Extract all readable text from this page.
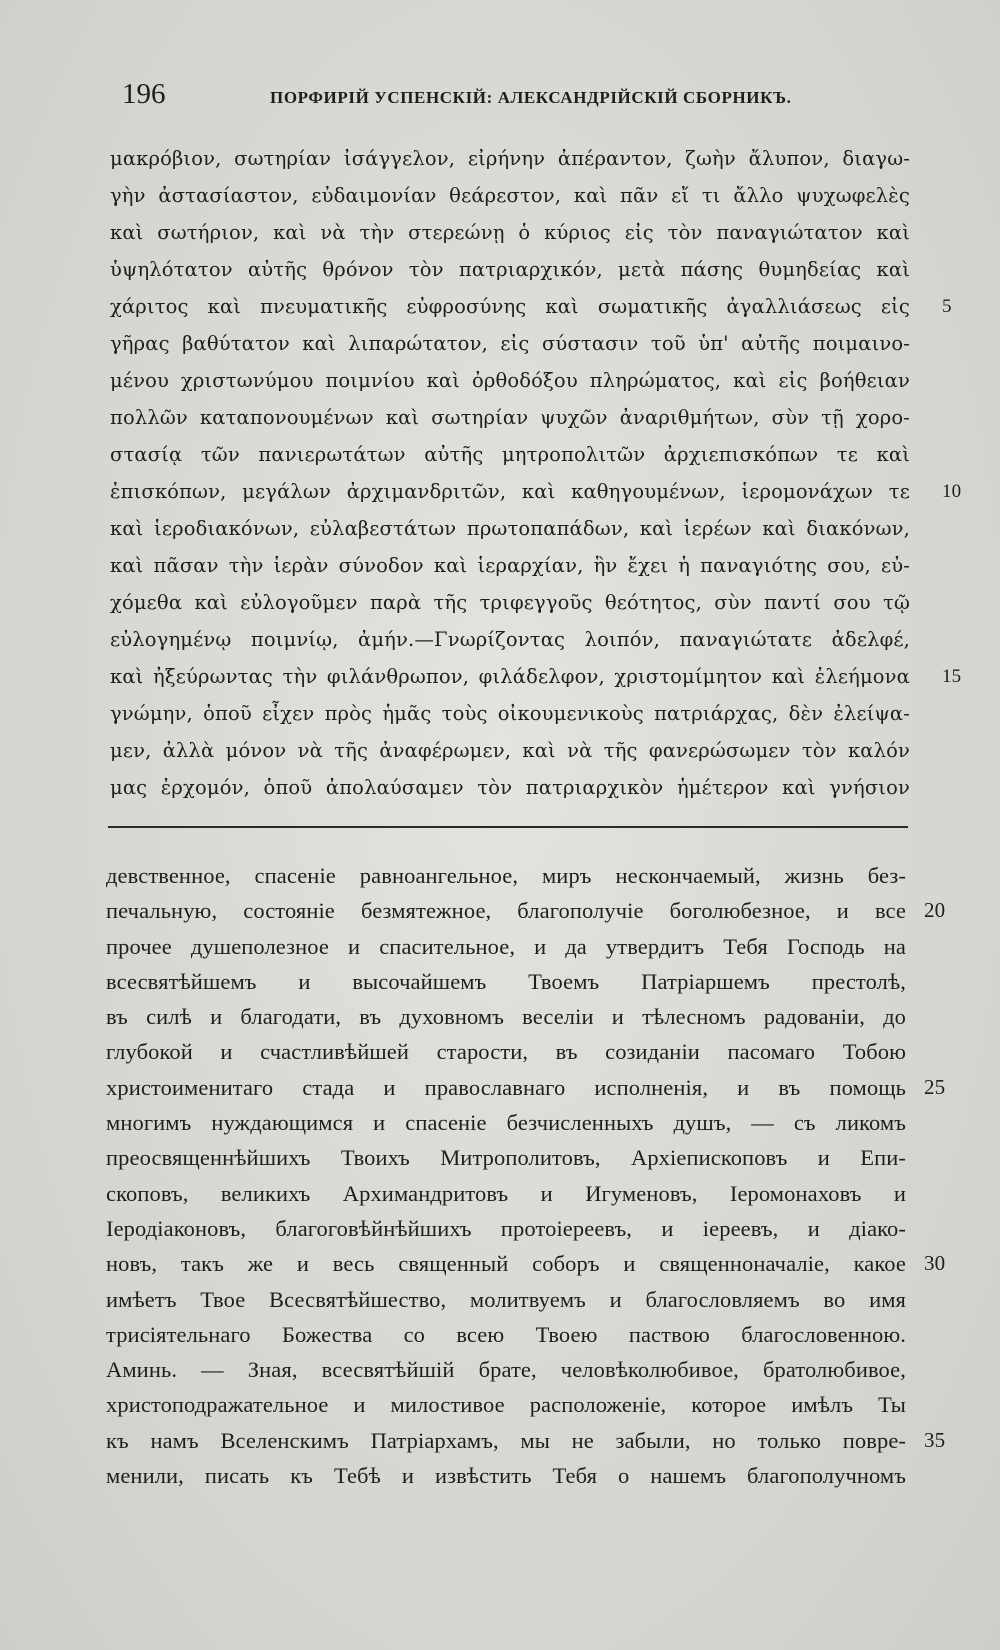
196	ПОРФИРІЙ УСПЕНСКІЙ: АЛЕКСАНДРІЙСКІЙ СБОРНИКЪ.
μακρόβιον, σωτηρίαν ἰσάγγελον, εἰρήνην ἀπέραντον, ζωὴν ἄλυπον, διαγω-
γὴν ἀστασίαστον, εὐδαιμονίαν θεάρεστον, καὶ πᾶν εἴ τι ἄλλο ψυχωφελὲς
καὶ σωτήριον, καὶ νὰ τὴν στερεώνῃ ὁ κύριος εἰς τὸν παναγιώτατον καὶ
ὑψηλότατον αὐτῆς θρόνον τὸν πατριαρχικόν, μετὰ πάσης θυμηδείας καὶ
χάριτος καὶ πνευματικῆς εὐφροσύνης καὶ σωματικῆς ἀγαλλιάσεως εἰς 5
γῆρας βαθύτατον καὶ λιπαρώτατον, εἰς σύστασιν τοῦ ὑπ' αὐτῆς ποιμαινο-
μένου χριστωνύμου ποιμνίου καὶ ὀρθοδόξου πληρώματος, καὶ εἰς βοήθειαν
πολλῶν καταπονουμένων καὶ σωτηρίαν ψυχῶν ἀναριθμήτων, σὺν τῇ χορο-
στασίᾳ τῶν πανιερωτάτων αὐτῆς μητροπολιτῶν ἀρχιεπισκόπων τε καὶ
ἐπισκόπων, μεγάλων ἀρχιμανδριτῶν, καὶ καθηγουμένων, ἱερομονάχων τε 10
καὶ ἱεροδιακόνων, εὐλαβεστάτων πρωτοπαπάδων, καὶ ἱερέων καὶ διακόνων,
καὶ πᾶσαν τὴν ἱερὰν σύνοδον καὶ ἱεραρχίαν, ἣν ἔχει ἡ παναγιότης σου, εὐ-
χόμεθα καὶ εὐλογοῦμεν παρὰ τῆς τριφεγγοῦς θεότητος, σὺν παντί σου τῷ
εὐλογημένῳ ποιμνίῳ, ἀμήν.—Γνωρίζοντας λοιπόν, παναγιώτατε ἀδελφέ,
καὶ ἠξεύρωντας τὴν φιλάνθρωπον, φιλάδελφον, χριστομίμητον καὶ ἐλεήμονα 15
γνώμην, ὁποῦ εἶχεν πρὸς ἡμᾶς τοὺς οἰκουμενικοὺς πατριάρχας, δὲν ἐλείψα-
μεν, ἀλλὰ μόνον νὰ τῆς ἀναφέρωμεν, καὶ νὰ τῆς φανερώσωμεν τὸν καλόν
μας ἐρχομόν, ὁποῦ ἀπολαύσαμεν τὸν πατριαρχικὸν ἡμέτερον καὶ γνήσιον
девственное, спасеніе равноангельное, миръ нескончаемый, жизнь без-
печальную, состояніе безмятежное, благополучіе боголюбезное, и все 20
прочее душеполезное и спасительное, и да утвердитъ Тебя Господь на
всесвятѣйшемъ и высочайшемъ Твоемъ Патріаршемъ престолѣ,
въ силѣ и благодати, въ духовномъ веселіи и тѣлесномъ радованіи, до
глубокой и счастливѣйшей старости, въ созиданіи пасомаго Тобою
христоименитаго стада и православнаго исполненія, и въ помощь 25
многимъ нуждающимся и спасеніе безчисленныхъ душъ, — съ ликомъ
преосвященнѣйшихъ Твоихъ Митрополитовъ, Архіепископовъ и Епи-
скоповъ, великихъ Архимандритовъ и Игуменовъ, Іеромонаховъ и
Іеродіаконовъ, благоговѣйнѣйшихъ протоіереевъ, и іереевъ, и діако-
новъ, такъ же и весь священный соборъ и священноначаліе, какое 30
имѣетъ Твое Всесвятѣйшество, молитвуемъ и благословляемъ во имя
трисіятельнаго Божества со всею Твоею паствою благословенною.
Аминь. — Зная, всесвятѣйшій брате, человѣколюбивое, братолюбивое,
христоподражательное и милостивое расположеніе, которое имѣлъ Ты
къ намъ Вселенскимъ Патріархамъ, мы не забыли, но только повре- 35
менили, писать къ Тебѣ и извѣстить Тебя о нашемъ благополучномъ
